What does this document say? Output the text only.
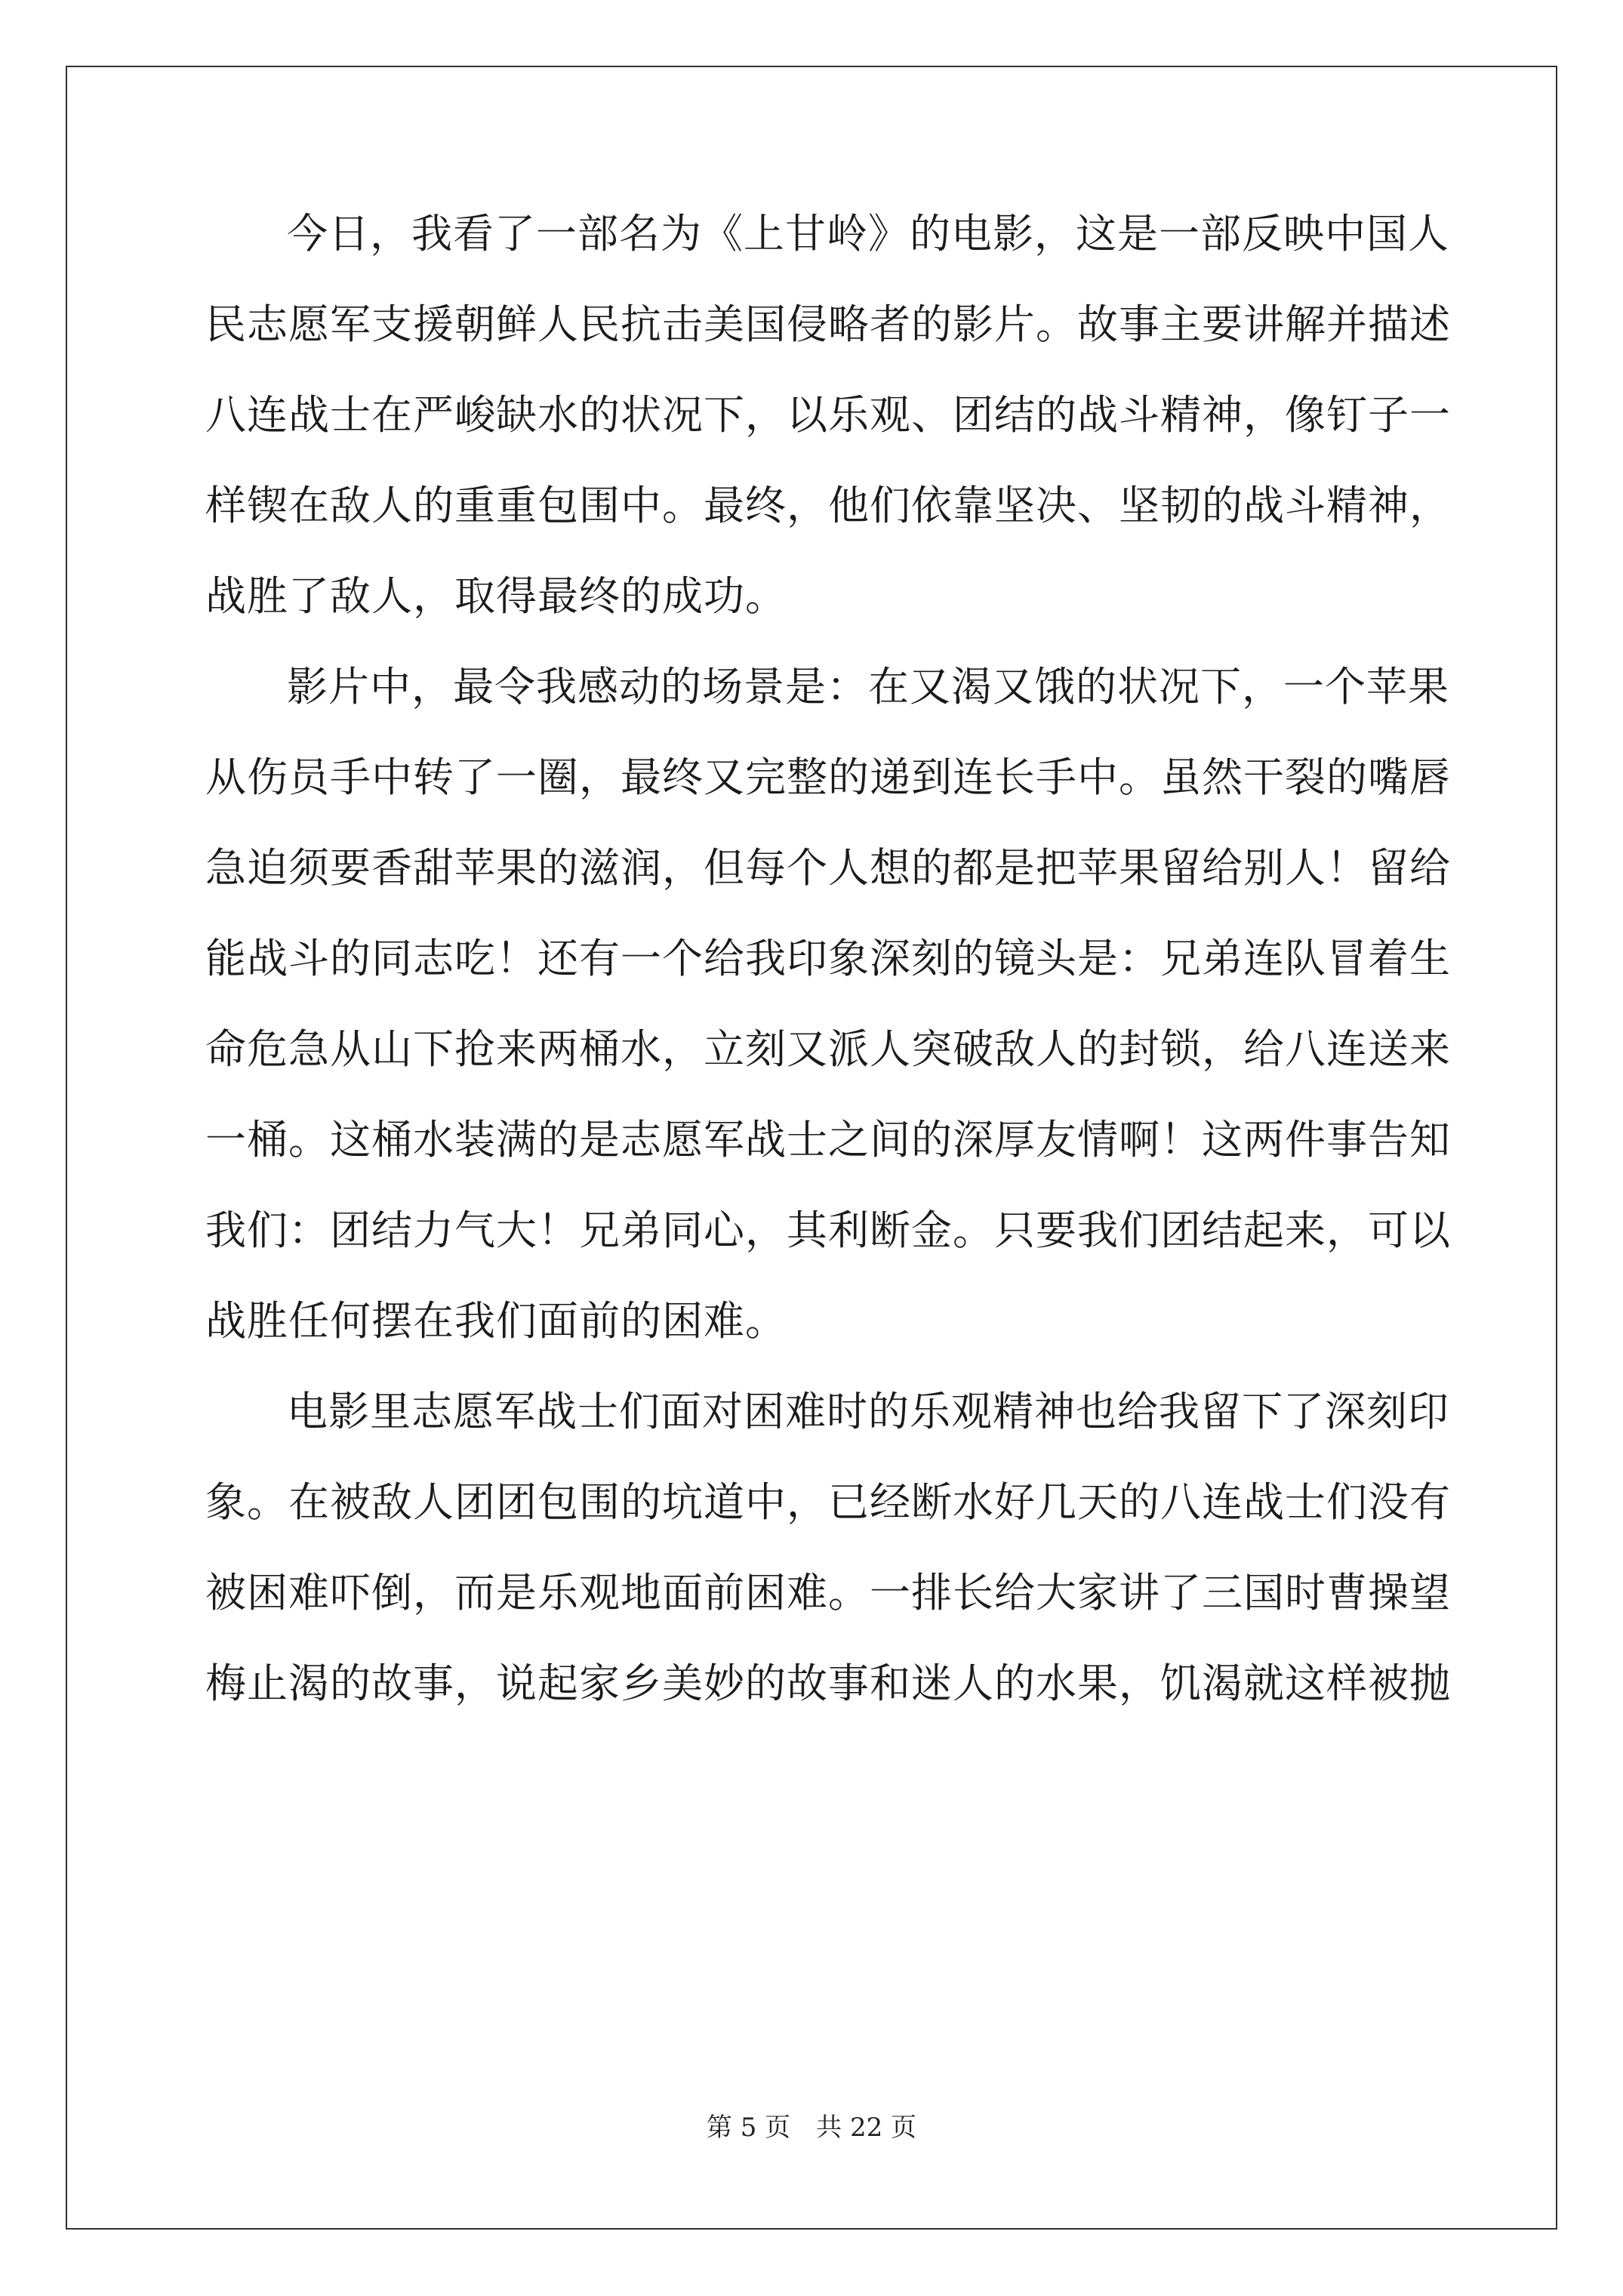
今日，我看了一部名为《上甘岭》的电影，这是一部反映中国人
民志愿军支援朝鲜人民抗击美国侵略者的影片。故事主要讲解并描述
八连战士在严峻缺水的状况下，以乐观、团结的战斗精神，像钉子一
样锲在敌人的重重包围中。最终，他们依靠坚决、坚韧的战斗精神，
战胜了敌人，取得最终的成功。
影片中，最令我感动的场景是：在又渴又饿的状况下，一个苹果
从伤员手中转了一圈，最终又完整的递到连长手中。虽然干裂的嘴唇
急迫须要香甜苹果的滋润，但每个人想的都是把苹果留给别人！留给
能战斗的同志吃！还有一个给我印象深刻的镜头是：兄弟连队冒着生
命危急从山下抢来两桶水，立刻又派人突破敌人的封锁，给八连送来
一桶。这桶水装满的是志愿军战士之间的深厚友情啊！这两件事告知
我们：团结力气大！兄弟同心，其利断金。只要我们团结起来，可以
战胜任何摆在我们面前的困难。
电影里志愿军战士们面对困难时的乐观精神也给我留下了深刻印
象。在被敌人团团包围的坑道中，已经断水好几天的八连战士们没有
被困难吓倒，而是乐观地面前困难。一排长给大家讲了三国时曹操望
梅止渴的故事，说起家乡美妙的故事和迷人的水果，饥渴就这样被抛
第 5 页　共 22 页
